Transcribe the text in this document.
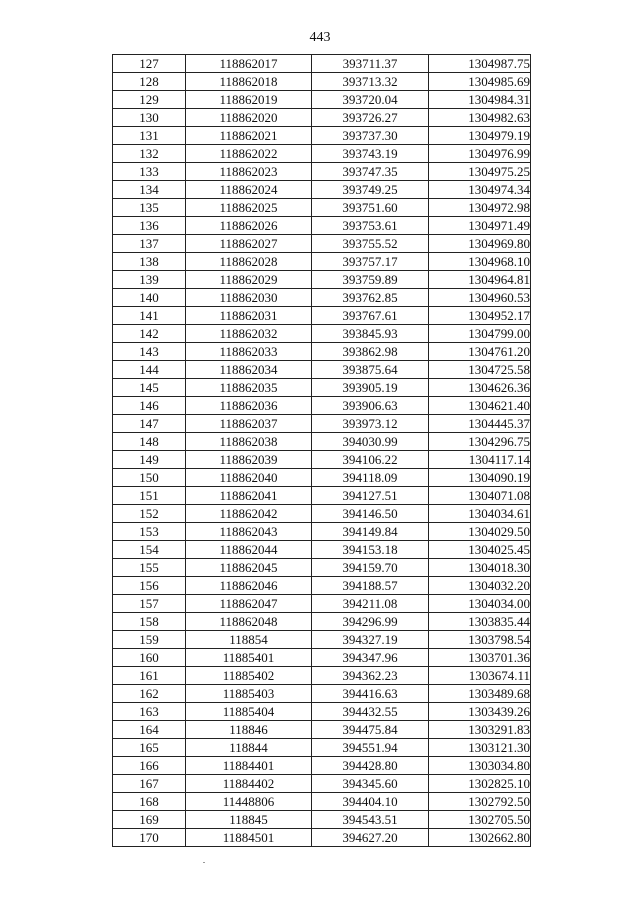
443
127	118862017	393711.37	1304987.75
128	118862018	393713.32	1304985.69
129	118862019	393720.04	1304984.31
130	118862020	393726.27	1304982.63
131	118862021	393737.30	1304979.19
132	118862022	393743.19	1304976.99
133	118862023	393747.35	1304975.25
134	118862024	393749.25	1304974.34
135	118862025	393751.60	1304972.98
136	118862026	393753.61	1304971.49
137	118862027	393755.52	1304969.80
138	118862028	393757.17	1304968.10
139	118862029	393759.89	1304964.81
140	118862030	393762.85	1304960.53
141	118862031	393767.61	1304952.17
142	118862032	393845.93	1304799.00
143	118862033	393862.98	1304761.20
144	118862034	393875.64	1304725.58
145	118862035	393905.19	1304626.36
146	118862036	393906.63	1304621.40
147	118862037	393973.12	1304445.37
148	118862038	394030.99	1304296.75
149	118862039	394106.22	1304117.14
150	118862040	394118.09	1304090.19
151	118862041	394127.51	1304071.08
152	118862042	394146.50	1304034.61
153	118862043	394149.84	1304029.50
154	118862044	394153.18	1304025.45
155	118862045	394159.70	1304018.30
156	118862046	394188.57	1304032.20
157	118862047	394211.08	1304034.00
158	118862048	394296.99	1303835.44
159	118854	394327.19	1303798.54
160	11885401	394347.96	1303701.36
161	11885402	394362.23	1303674.11
162	11885403	394416.63	1303489.68
163	11885404	394432.55	1303439.26
164	118846	394475.84	1303291.83
165	118844	394551.94	1303121.30
166	11884401	394428.80	1303034.80
167	11884402	394345.60	1302825.10
168	11448806	394404.10	1302792.50
169	118845	394543.51	1302705.50
170	11884501	394627.20	1302662.80
